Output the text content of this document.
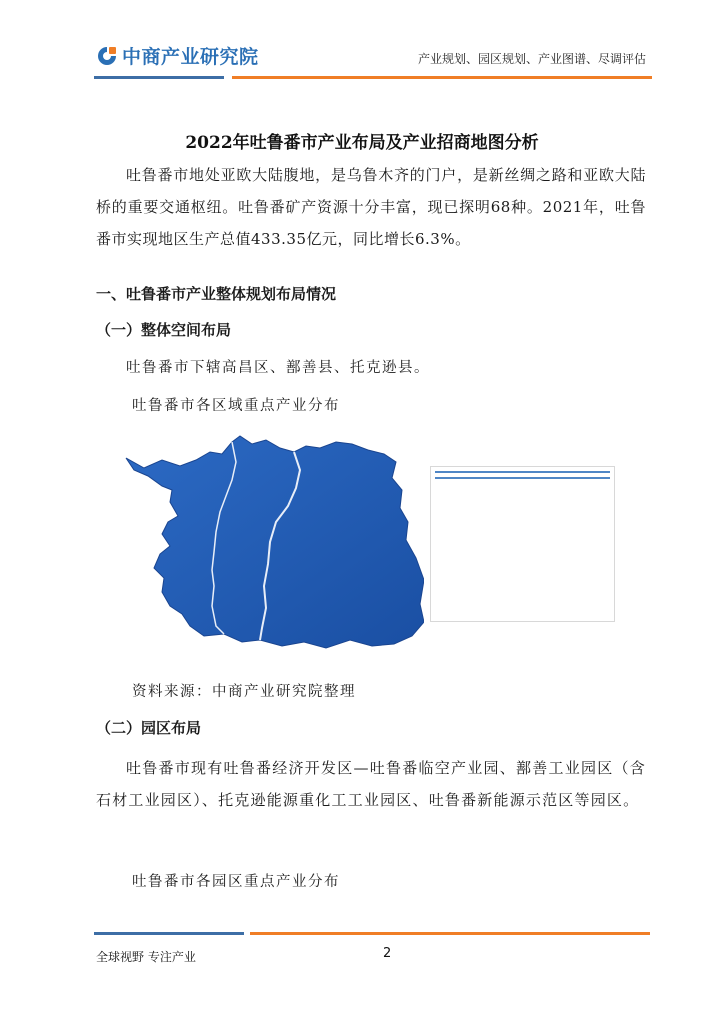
中商产业研究院	产业规划、园区规划、产业图谱、尽调评估
2022年吐鲁番市产业布局及产业招商地图分析
吐鲁番市地处亚欧大陆腹地，是乌鲁木齐的门户，是新丝绸之路和亚欧大陆桥的重要交通枢纽。吐鲁番矿产资源十分丰富，现已探明68种。2021年，吐鲁番市实现地区生产总值433.35亿元，同比增长6.3%。
一、吐鲁番市产业整体规划布局情况
（一）整体空间布局
吐鲁番市下辖高昌区、鄯善县、托克逊县。
吐鲁番市各区域重点产业分布
资料来源：中商产业研究院整理
（二）园区布局
吐鲁番市现有吐鲁番经济开发区—吐鲁番临空产业园、鄯善工业园区（含石材工业园区）、托克逊能源重化工工业园区、吐鲁番新能源示范区等园区。
吐鲁番市各园区重点产业分布
全球视野 专注产业	2
